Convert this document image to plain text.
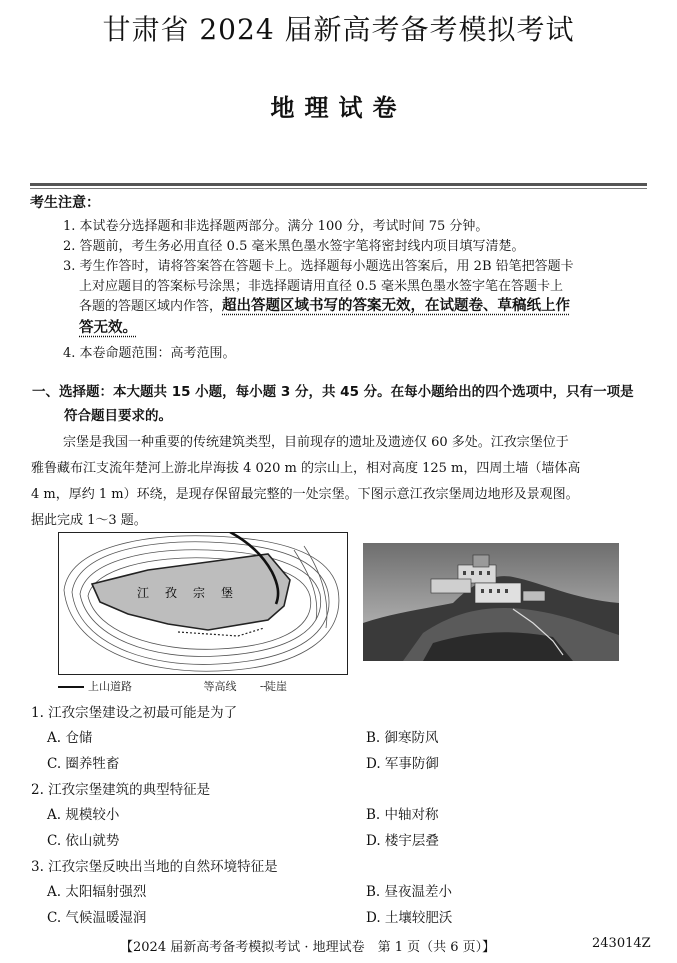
甘肃省 2024 届新高考备考模拟考试
地理试卷
考生注意：
1. 本试卷分选择题和非选择题两部分。满分 100 分，考试时间 75 分钟。
2. 答题前，考生务必用直径 0.5 毫米黑色墨水签字笔将密封线内项目填写清楚。
3. 考生作答时，请将答案答在答题卡上。选择题每小题选出答案后，用 2B 铅笔把答题卡
上对应题目的答案标号涂黑；非选择题请用直径 0.5 毫米黑色墨水签字笔在答题卡上
各题的答题区域内作答，超出答题区域书写的答案无效，在试题卷、草稿纸上作
答无效。
4. 本卷命题范围：高考范围。
一、选择题：本大题共 15 小题，每小题 3 分，共 45 分。在每小题给出的四个选项中，只有一项是
符合题目要求的。
宗堡是我国一种重要的传统建筑类型，目前现存的遗址及遗迹仅 60 多处。江孜宗堡位于
雅鲁藏布江支流年楚河上游北岸海拔 4 020 m 的宗山上，相对高度 125 m，四周土墙（墙体高
4 m，厚约 1 m）环绕，是现存保留最完整的一处宗堡。下图示意江孜宗堡周边地形及景观图。
据此完成 1～3 题。
江孜宗堡
上山道路	等高线 ╌陡崖
1. 江孜宗堡建设之初最可能是为了
A. 仓储	B. 御寒防风
C. 圈养牲畜	D. 军事防御
2. 江孜宗堡建筑的典型特征是
A. 规模较小	B. 中轴对称
C. 依山就势	D. 楼宇层叠
3. 江孜宗堡反映出当地的自然环境特征是
A. 太阳辐射强烈	B. 昼夜温差小
C. 气候温暖湿润	D. 土壤较肥沃
【2024 届新高考备考模拟考试 · 地理试卷　第 1 页（共 6 页）】	243014Z
